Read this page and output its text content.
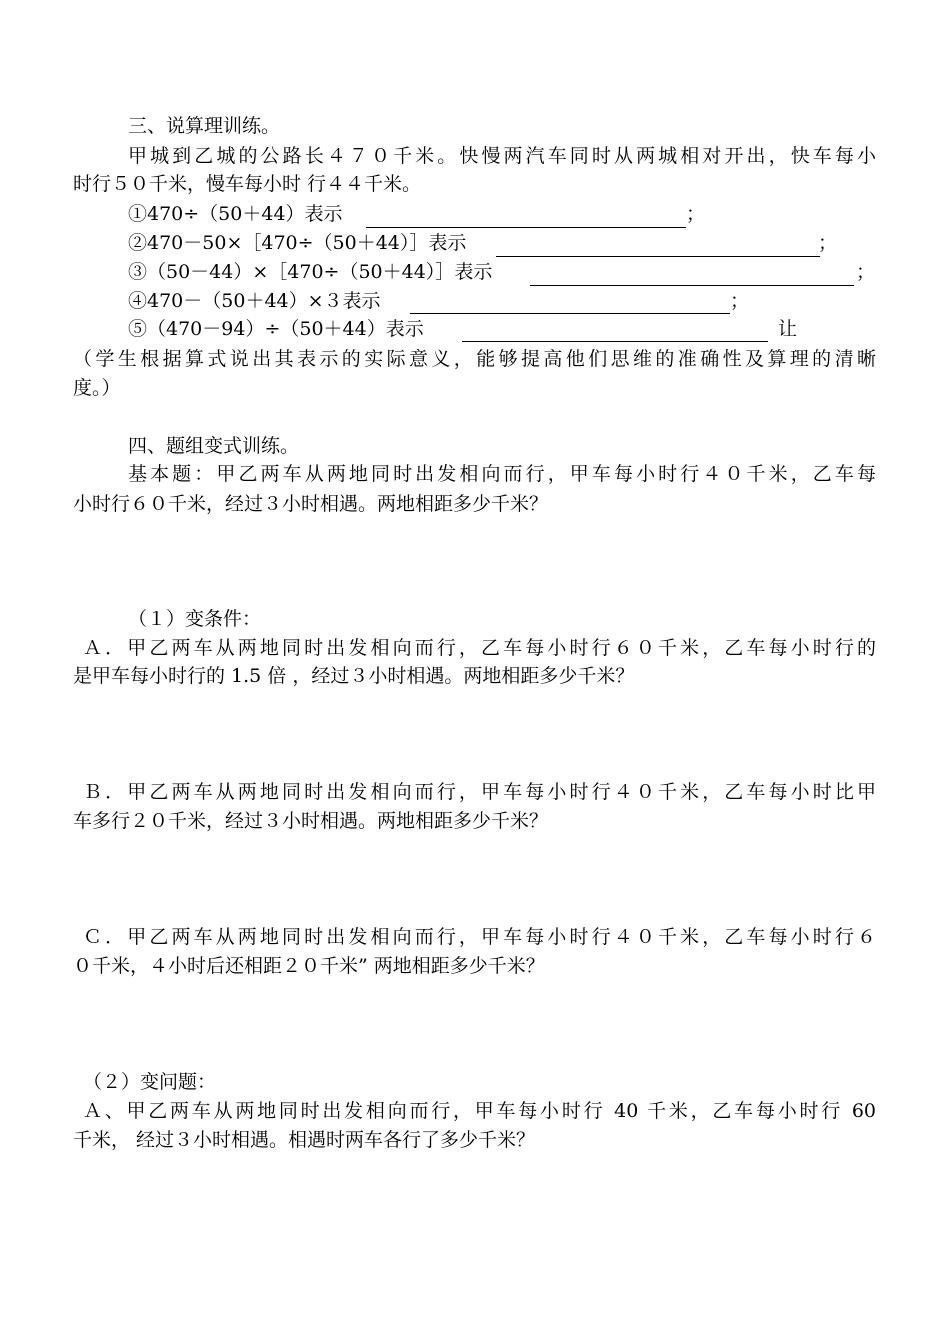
三、说算理训练。
甲城到乙城的公路长４７０千米。快慢两汽车同时从两城相对开出，快车每小
时行５０千米，慢车每小时 行４４千米。
①470÷（50＋44）表示	；
②470－50×［470÷（50＋44）］表示	；
③（50－44）×［470÷（50＋44）］表示	；
④470－（50＋44）×３表示	；
⑤（470－94）÷（50＋44）表示	让
（学生根据算式说出其表示的实际意义，能够提高他们思维的准确性及算理的清晰
度。）
四、题组变式训练。
基本题：甲乙两车从两地同时出发相向而行，甲车每小时行４０千米，乙车每
小时行６０千米，经过３小时相遇。两地相距多少千米？
（１）变条件：
Ａ．甲乙两车从两地同时出发相向而行，乙车每小时行６０千米，乙车每小时行的
是甲车每小时行的 1.5 倍 ，经过３小时相遇。两地相距多少千米？
Ｂ．甲乙两车从两地同时出发相向而行，甲车每小时行４０千米，乙车每小时比甲
车多行２０千米，经过３小时相遇。两地相距多少千米？
Ｃ．甲乙两车从两地同时出发相向而行，甲车每小时行４０千米，乙车每小时行６
０千米，４小时后还相距２０千米” 两地相距多少千米？
（２）变问题：
Ａ、甲乙两车从两地同时出发相向而行，甲车每小时行 40 千米，乙车每小时行 60
千米， 经过３小时相遇。相遇时两车各行了多少千米？
